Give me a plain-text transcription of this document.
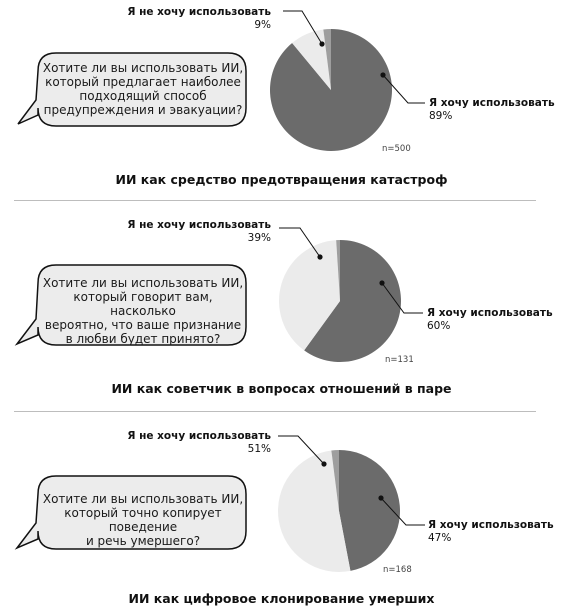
Хотите ли вы использовать ИИ,
который предлагает наиболее
подходящий способ
предупреждения и эвакуации?
Я не хочу использовать
9%
Я хочу использовать
89%
n=500
ИИ как средство предотвращения катастроф
Хотите ли вы использовать ИИ,
который говорит вам, насколько
вероятно, что ваше признание
в любви будет принято?
Я не хочу использовать
39%
Я хочу использовать
60%
n=131
ИИ как советчик в вопросах отношений в паре
Хотите ли вы использовать ИИ,
который точно копирует поведение
и речь умершего?
Я не хочу использовать
51%
Я хочу использовать
47%
n=168
ИИ как цифровое клонирование умерших
